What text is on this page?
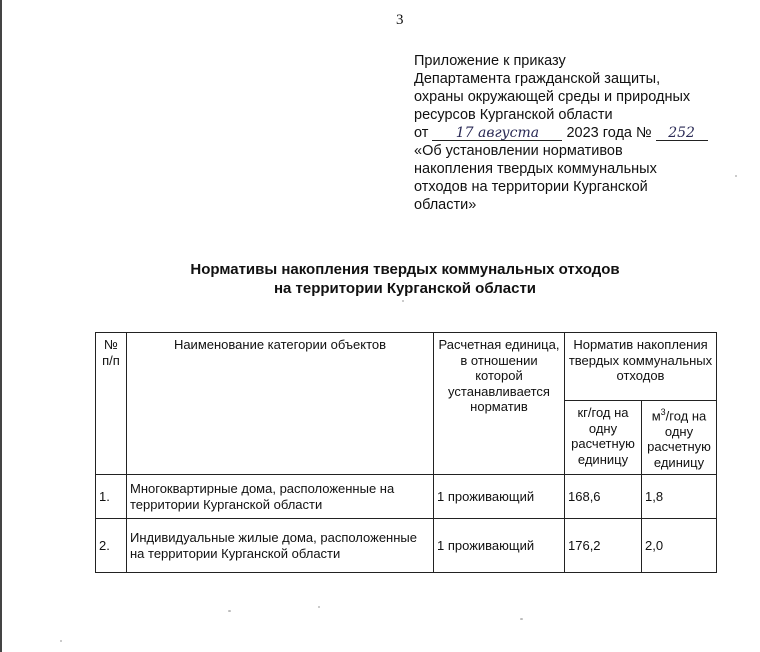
3
Приложение к приказу
Департамента гражданской защиты,
охраны окружающей среды и природных
ресурсов Курганской области
от 17 августа 2023 года № 252
«Об установлении нормативов
накопления твердых коммунальных
отходов на территории Курганской
области»
Нормативы накопления твердых коммунальных отходов
на территории Курганской области
№ п/п	Наименование категории объектов	Расчетная единица, в отношении которой устанавливается норматив	Норматив накопления твердых коммунальных отходов	
			кг/год на одну расчетную единицу	$м^3$/год на одну расчетную единицу
1.	Многоквартирные дома, расположенные на территории Курганской области	1 проживающий	168,6	1,8
2.	Индивидуальные жилые дома, расположенные на территории Курганской области	1 проживающий	176,2	2,0
